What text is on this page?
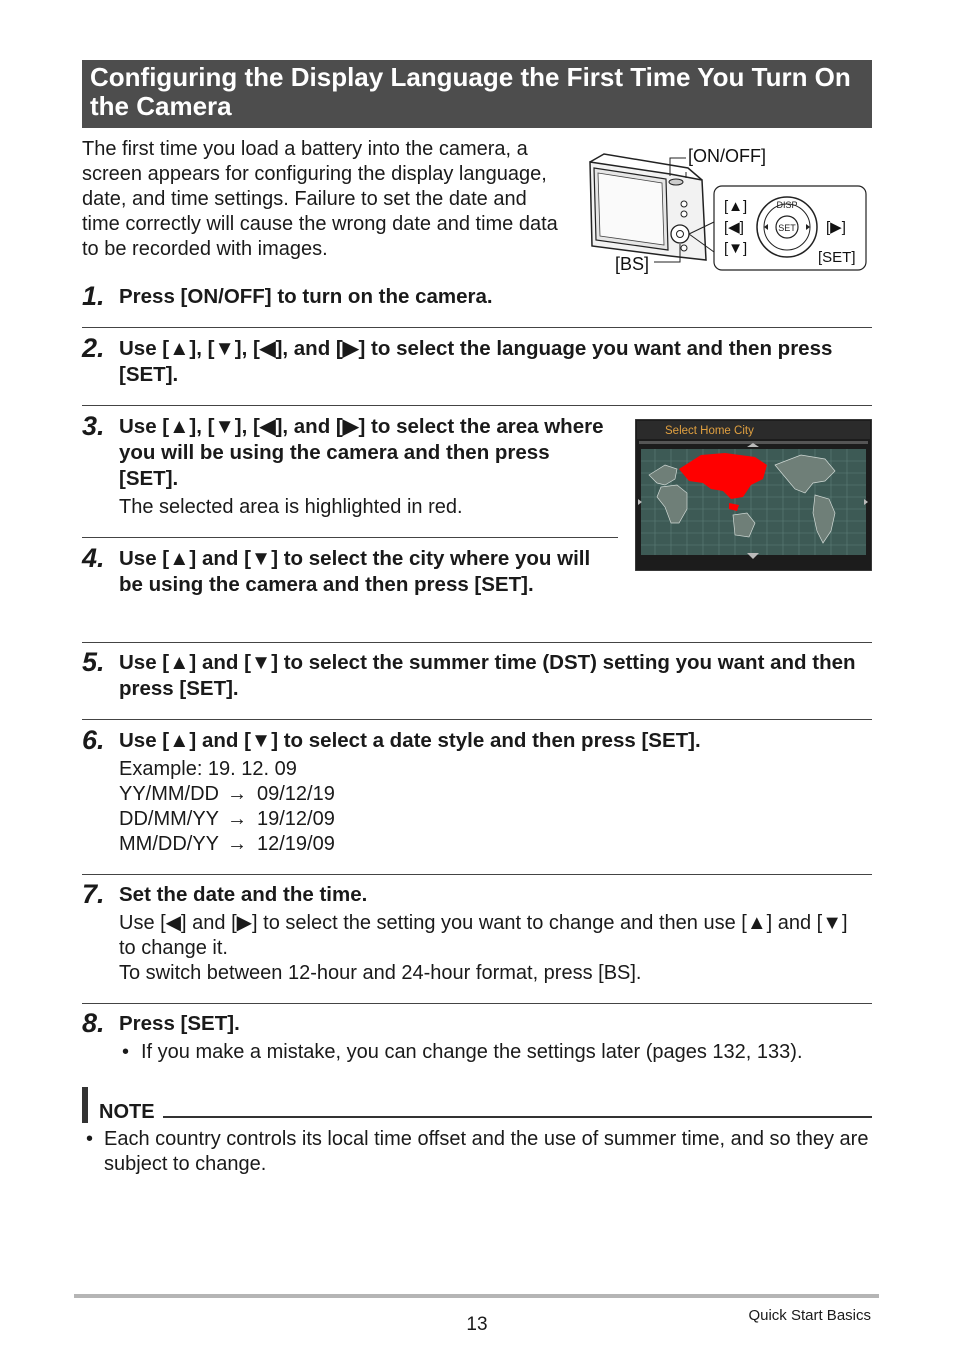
Configuring the Display Language the First Time You Turn On the Camera
The first time you load a battery into the camera, a screen appears for configuring the display language, date, and time settings. Failure to set the date and time correctly will cause the wrong date and time data to be recorded with images.
SET
DISP
[ON/OFF]
[BS]
[▲]
[◀]
[▼]
[▶]
[SET]
1. Press [ON/OFF] to turn on the camera.
2. Use [▲], [▼], [◀], and [▶] to select the language you want and then press [SET].
3. Use [▲], [▼], [◀], and [▶] to select the area where you will be using the camera and then press [SET].
The selected area is highlighted in red.
Select Home City
4. Use [▲] and [▼] to select the city where you will be using the camera and then press [SET].
5. Use [▲] and [▼] to select the summer time (DST) setting you want and then press [SET].
6. Use [▲] and [▼] to select a date style and then press [SET].
Example: 19. 12. 09
YY/MM/DD → 09/12/19
DD/MM/YY → 19/12/09
MM/DD/YY → 12/19/09
7. Set the date and the time.
Use [◀] and [▶] to select the setting you want to change and then use [▲] and [▼] to change it.
To switch between 12-hour and 24-hour format, press [BS].
8. Press [SET].
• If you make a mistake, you can change the settings later (pages 132, 133).
NOTE
• Each country controls its local time offset and the use of summer time, and so they are subject to change.
13	Quick Start Basics
